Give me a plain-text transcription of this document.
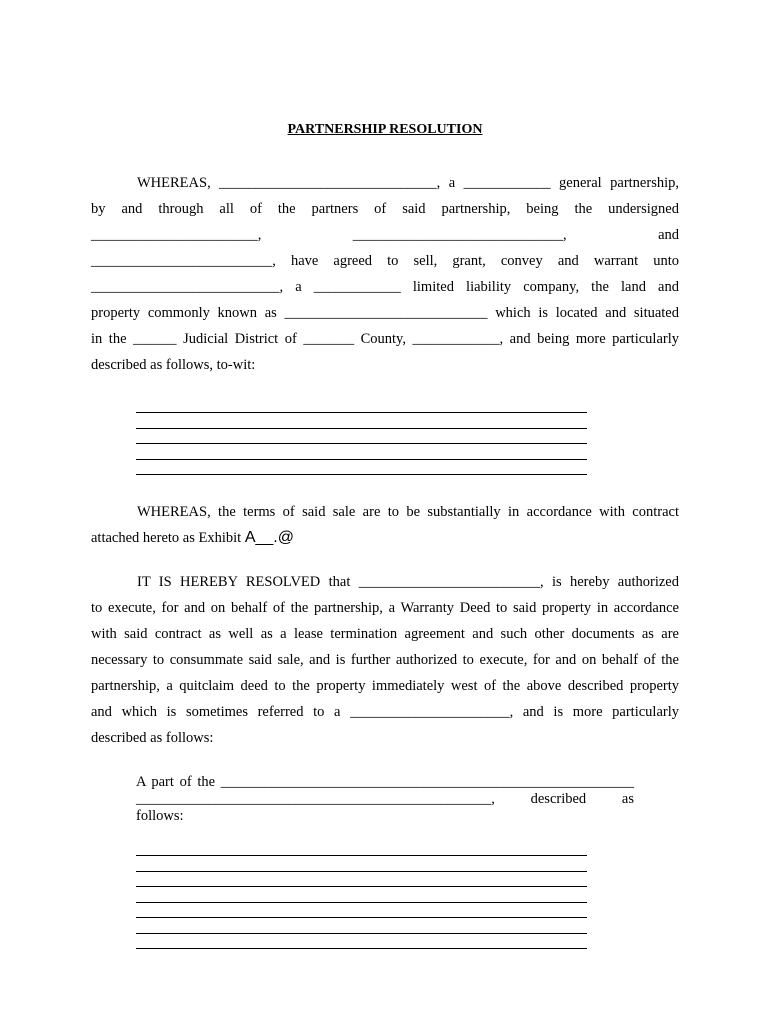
PARTNERSHIP RESOLUTION
WHEREAS, ______________________________, a ____________ general partnership,
by and through all of the partners of said partnership, being the undersigned
_______________________, _____________________________, and
_________________________, have agreed to sell, grant, convey and warrant unto
__________________________, a ____________ limited liability company, the land and
property commonly known as ____________________________ which is located and situated
in the ______ Judicial District of _______ County, ____________, and being more particularly
described as follows, to-wit:
WHEREAS, the terms of said sale are to be substantially in accordance with contract
attached hereto as Exhibit A__.@
IT IS HEREBY RESOLVED that _________________________, is hereby authorized
to execute, for and on behalf of the partnership, a Warranty Deed to said property in accordance
with said contract as well as a lease termination agreement and such other documents as are
necessary to consummate said sale, and is further authorized to execute, for and on behalf of the
partnership, a quitclaim deed to the property immediately west of the above described property
and which is sometimes referred to a ______________________, and is more particularly
described as follows:
A part of the _________________________________________________________
_________________________________________________, described as
follows:
